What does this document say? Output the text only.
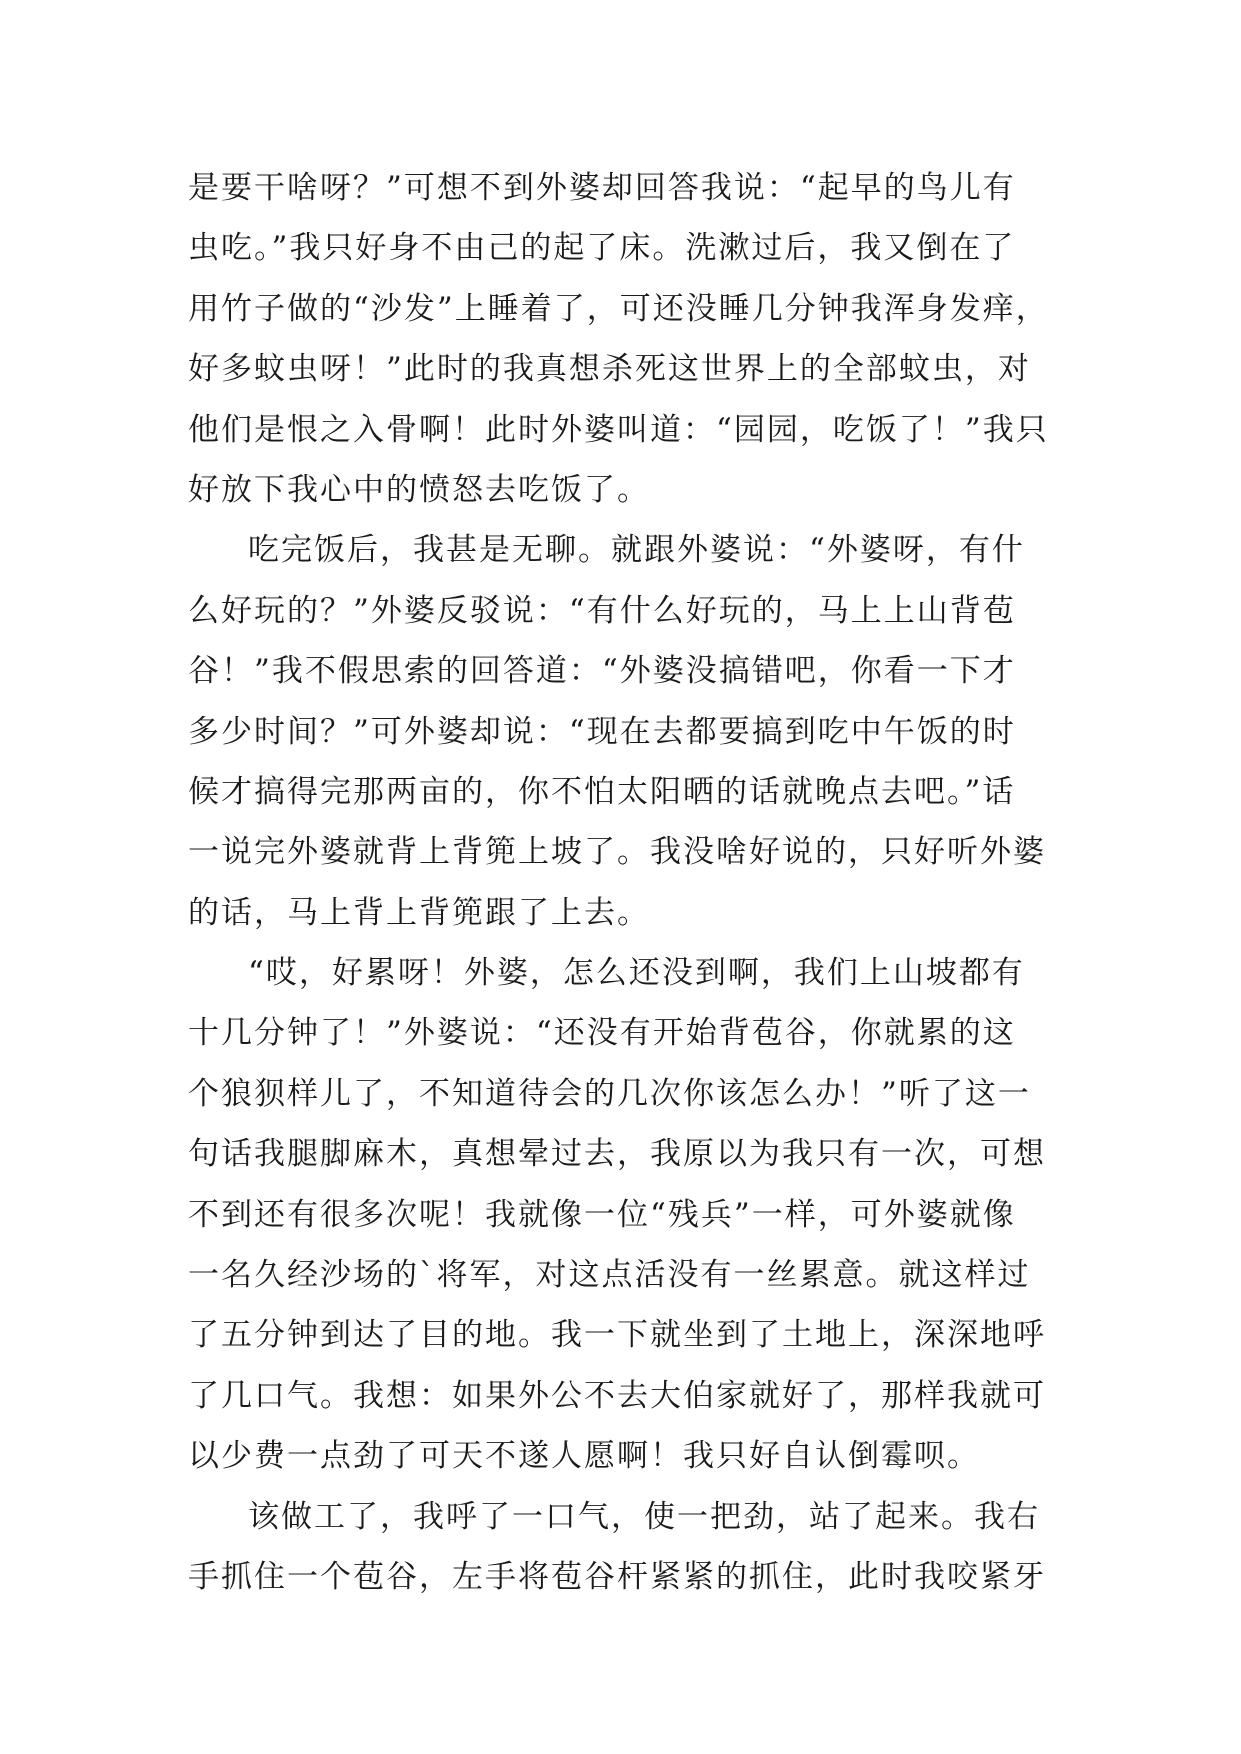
是要干啥呀？”可想不到外婆却回答我说：“起早的鸟儿有
虫吃。”我只好身不由己的起了床。洗漱过后，我又倒在了
用竹子做的“沙发”上睡着了，可还没睡几分钟我浑身发痒，
好多蚊虫呀！”此时的我真想杀死这世界上的全部蚊虫，对
他们是恨之入骨啊！此时外婆叫道：“园园，吃饭了！”我只
好放下我心中的愤怒去吃饭了。
吃完饭后，我甚是无聊。就跟外婆说：“外婆呀，有什
么好玩的？”外婆反驳说：“有什么好玩的，马上上山背苞
谷！”我不假思索的回答道：“外婆没搞错吧，你看一下才
多少时间？”可外婆却说：“现在去都要搞到吃中午饭的时
候才搞得完那两亩的，你不怕太阳晒的话就晚点去吧。”话
一说完外婆就背上背篼上坡了。我没啥好说的，只好听外婆
的话，马上背上背篼跟了上去。
“哎，好累呀！外婆，怎么还没到啊，我们上山坡都有
十几分钟了！”外婆说：“还没有开始背苞谷，你就累的这
个狼狈样儿了，不知道待会的几次你该怎么办！”听了这一
句话我腿脚麻木，真想晕过去，我原以为我只有一次，可想
不到还有很多次呢！我就像一位“残兵”一样，可外婆就像
一名久经沙场的`将军，对这点活没有一丝累意。就这样过
了五分钟到达了目的地。我一下就坐到了土地上，深深地呼
了几口气。我想：如果外公不去大伯家就好了，那样我就可
以少费一点劲了可天不遂人愿啊！我只好自认倒霉呗。
该做工了，我呼了一口气，使一把劲，站了起来。我右
手抓住一个苞谷，左手将苞谷杆紧紧的抓住，此时我咬紧牙
